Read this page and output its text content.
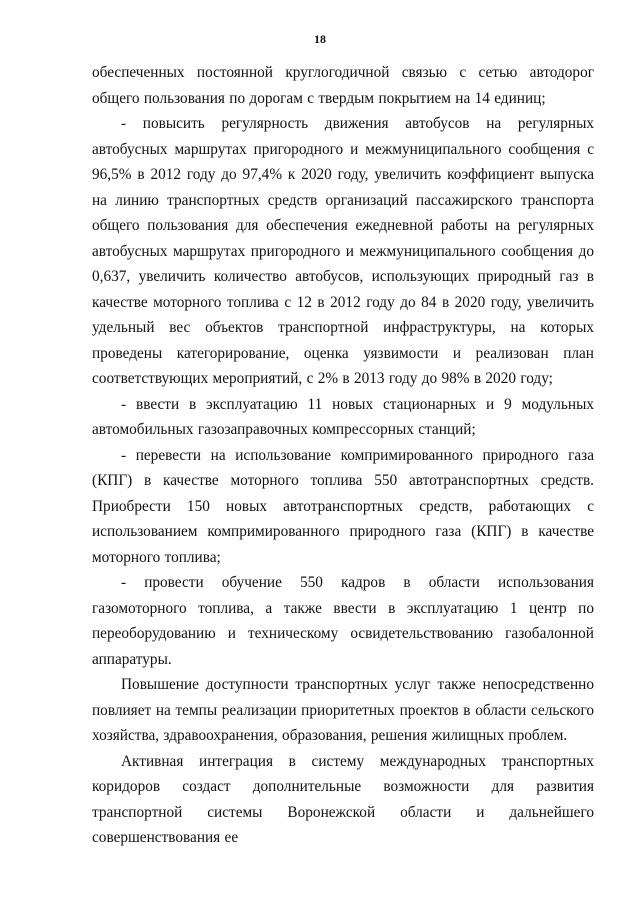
18

обеспеченных постоянной круглогодичной связью с сетью автодорог общего пользования по дорогам с твердым покрытием на 14 единиц;

- повысить регулярность движения автобусов на регулярных автобусных маршрутах пригородного и межмуниципального сообщения с 96,5% в 2012 году до 97,4% к 2020 году, увеличить коэффициент выпуска на линию транспортных средств организаций пассажирского транспорта общего пользования для обеспечения ежедневной работы на регулярных автобусных маршрутах пригородного и межмуниципального сообщения до 0,637, увеличить количество автобусов, использующих природный газ в качестве моторного топлива с 12 в 2012 году до 84 в 2020 году, увеличить удельный вес объектов транспортной инфраструктуры, на которых проведены категорирование, оценка уязвимости и реализован план соответствующих мероприятий, с 2% в 2013 году до 98% в 2020 году;

- ввести в эксплуатацию 11 новых стационарных и 9 модульных автомобильных газозаправочных компрессорных станций;

- перевести на использование компримированного природного газа (КПГ) в качестве моторного топлива 550 автотранспортных средств. Приобрести 150 новых автотранспортных средств, работающих с использованием компримированного природного газа (КПГ) в качестве моторного топлива;

- провести обучение 550 кадров в области использования газомоторного топлива, а также ввести в эксплуатацию 1 центр по переоборудованию и техническому освидетельствованию газобалонной аппаратуры.

Повышение доступности транспортных услуг также непосредственно повлияет на темпы реализации приоритетных проектов в области сельского хозяйства, здравоохранения, образования, решения жилищных проблем.

Активная интеграция в систему международных транспортных коридоров создаст дополнительные возможности для развития транспортной системы Воронежской области и дальнейшего совершенствования ее
